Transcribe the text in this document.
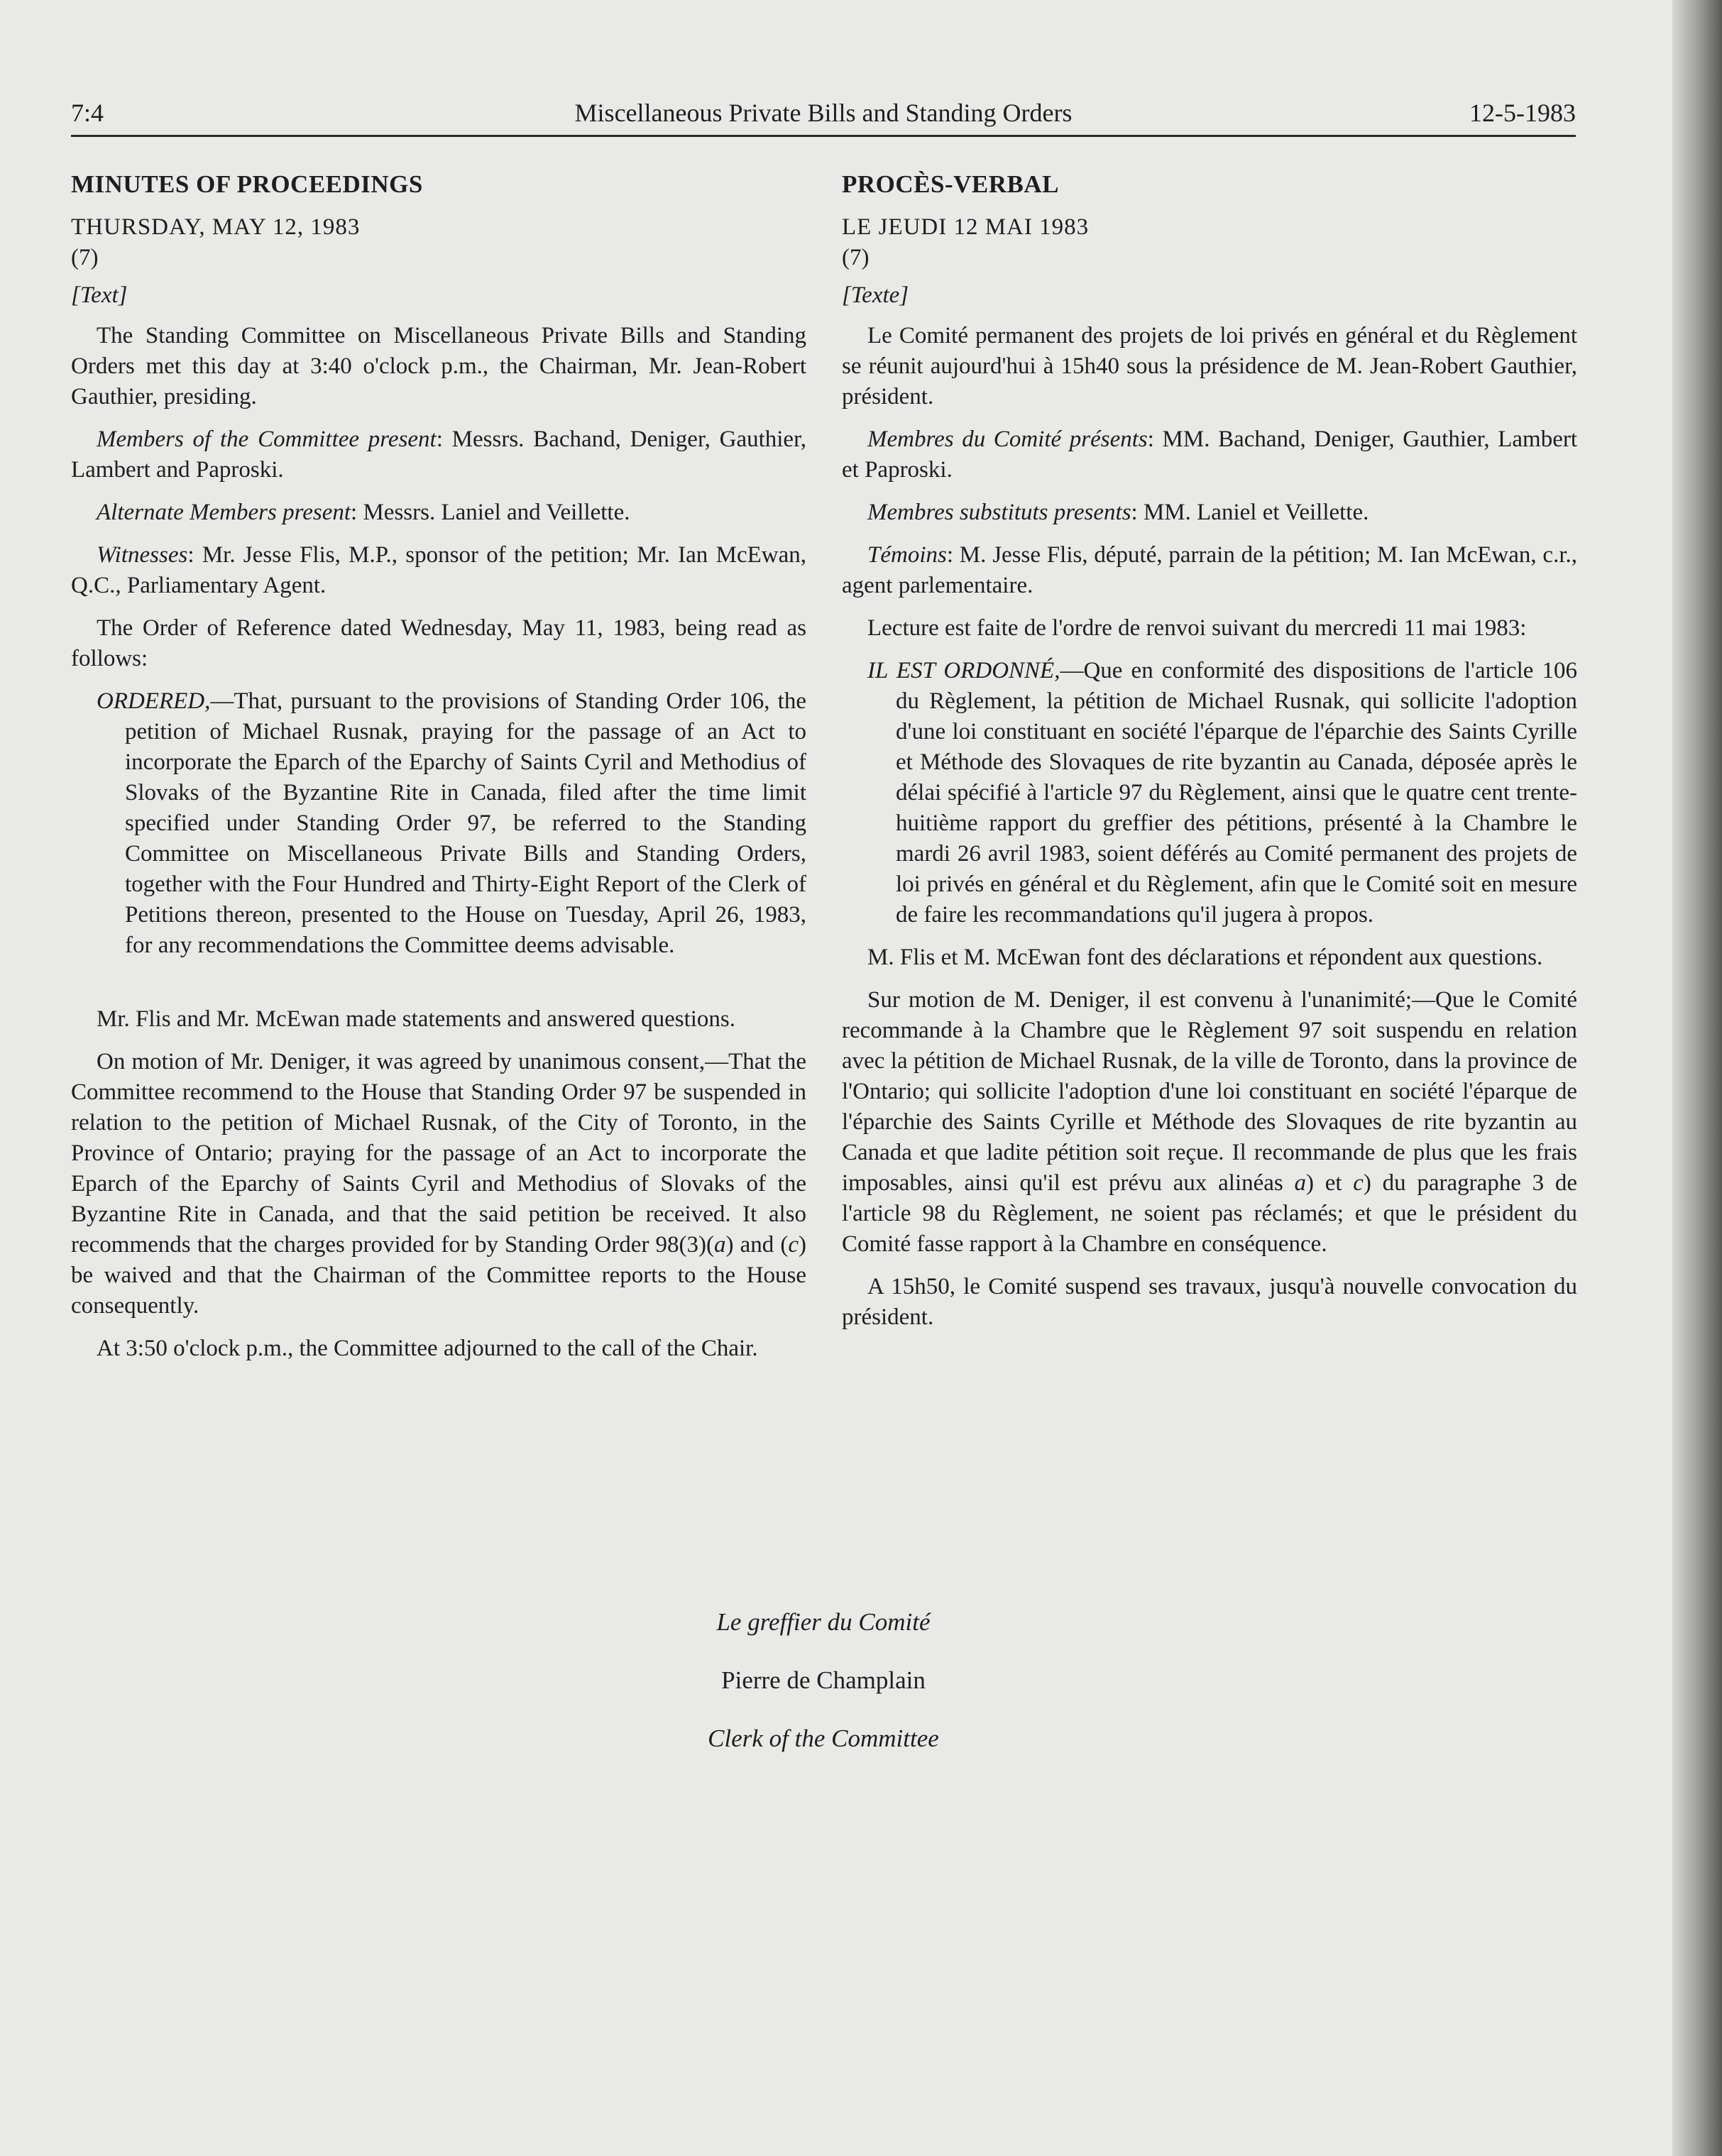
7:4	Miscellaneous Private Bills and Standing Orders	12-5-1983
MINUTES OF PROCEEDINGS

THURSDAY, MAY 12, 1983

(7)

[Text]

The Standing Committee on Miscellaneous Private Bills and Standing Orders met this day at 3:40 o'clock p.m., the Chairman, Mr. Jean-Robert Gauthier, presiding.

Members of the Committee present: Messrs. Bachand, Deniger, Gauthier, Lambert and Paproski.

Alternate Members present: Messrs. Laniel and Veillette.

Witnesses: Mr. Jesse Flis, M.P., sponsor of the petition; Mr. Ian McEwan, Q.C., Parliamentary Agent.

The Order of Reference dated Wednesday, May 11, 1983, being read as follows:

ORDERED,—That, pursuant to the provisions of Standing Order 106, the petition of Michael Rusnak, praying for the passage of an Act to incorporate the Eparch of the Eparchy of Saints Cyril and Methodius of Slovaks of the Byzantine Rite in Canada, filed after the time limit specified under Standing Order 97, be referred to the Standing Committee on Miscellaneous Private Bills and Standing Orders, together with the Four Hundred and Thirty-Eight Report of the Clerk of Petitions thereon, presented to the House on Tuesday, April 26, 1983, for any recommendations the Committee deems advisable.

Mr. Flis and Mr. McEwan made statements and answered questions.

On motion of Mr. Deniger, it was agreed by unanimous consent,—That the Committee recommend to the House that Standing Order 97 be suspended in relation to the petition of Michael Rusnak, of the City of Toronto, in the Province of Ontario; praying for the passage of an Act to incorporate the Eparch of the Eparchy of Saints Cyril and Methodius of Slovaks of the Byzantine Rite in Canada, and that the said petition be received. It also recommends that the charges provided for by Standing Order 98(3)(a) and (c) be waived and that the Chairman of the Committee reports to the House consequently.

At 3:50 o'clock p.m., the Committee adjourned to the call of the Chair.

PROCÈS-VERBAL

LE JEUDI 12 MAI 1983

(7)

[Texte]

Le Comité permanent des projets de loi privés en général et du Règlement se réunit aujourd'hui à 15h40 sous la présidence de M. Jean-Robert Gauthier, président.

Membres du Comité présents: MM. Bachand, Deniger, Gauthier, Lambert et Paproski.

Membres substituts presents: MM. Laniel et Veillette.

Témoins: M. Jesse Flis, député, parrain de la pétition; M. Ian McEwan, c.r., agent parlementaire.

Lecture est faite de l'ordre de renvoi suivant du mercredi 11 mai 1983:

IL EST ORDONNÉ,—Que en conformité des dispositions de l'article 106 du Règlement, la pétition de Michael Rusnak, qui sollicite l'adoption d'une loi constituant en société l'éparque de l'éparchie des Saints Cyrille et Méthode des Slovaques de rite byzantin au Canada, déposée après le délai spécifié à l'article 97 du Règlement, ainsi que le quatre cent trente-huitième rapport du greffier des pétitions, présenté à la Chambre le mardi 26 avril 1983, soient déférés au Comité permanent des projets de loi privés en général et du Règlement, afin que le Comité soit en mesure de faire les recommandations qu'il jugera à propos.

M. Flis et M. McEwan font des déclarations et répondent aux questions.

Sur motion de M. Deniger, il est convenu à l'unanimité;—Que le Comité recommande à la Chambre que le Règlement 97 soit suspendu en relation avec la pétition de Michael Rusnak, de la ville de Toronto, dans la province de l'Ontario; qui sollicite l'adoption d'une loi constituant en société l'éparque de l'éparchie des Saints Cyrille et Méthode des Slovaques de rite byzantin au Canada et que ladite pétition soit reçue. Il recommande de plus que les frais imposables, ainsi qu'il est prévu aux alinéas a) et c) du paragraphe 3 de l'article 98 du Règlement, ne soient pas réclamés; et que le président du Comité fasse rapport à la Chambre en conséquence.

A 15h50, le Comité suspend ses travaux, jusqu'à nouvelle convocation du président.

Le greffier du Comité
Pierre de Champlain
Clerk of the Committee
